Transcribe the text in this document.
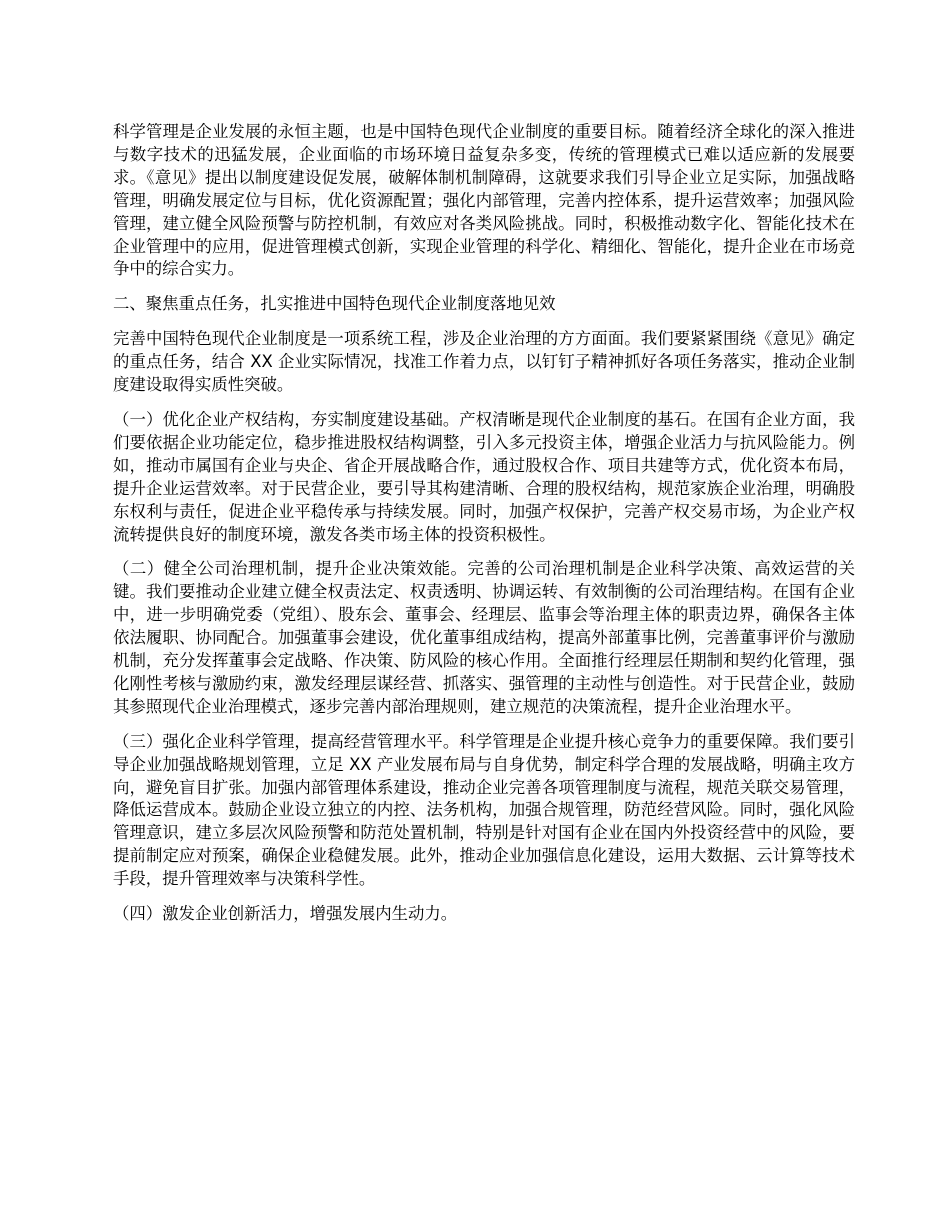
科学管理是企业发展的永恒主题，也是中国特色现代企业制度的重要目标。随着经济全球化的深入推进与数字技术的迅猛发展，企业面临的市场环境日益复杂多变，传统的管理模式已难以适应新的发展要求。《意见》提出以制度建设促发展，破解体制机制障碍，这就要求我们引导企业立足实际，加强战略管理，明确发展定位与目标，优化资源配置；强化内部管理，完善内控体系，提升运营效率；加强风险管理，建立健全风险预警与防控机制，有效应对各类风险挑战。同时，积极推动数字化、智能化技术在企业管理中的应用，促进管理模式创新，实现企业管理的科学化、精细化、智能化，提升企业在市场竞争中的综合实力。

二、聚焦重点任务，扎实推进中国特色现代企业制度落地见效

完善中国特色现代企业制度是一项系统工程，涉及企业治理的方方面面。我们要紧紧围绕《意见》确定的重点任务，结合 XX 企业实际情况，找准工作着力点，以钉钉子精神抓好各项任务落实，推动企业制度建设取得实质性突破。

（一）优化企业产权结构，夯实制度建设基础。产权清晰是现代企业制度的基石。在国有企业方面，我们要依据企业功能定位，稳步推进股权结构调整，引入多元投资主体，增强企业活力与抗风险能力。例如，推动市属国有企业与央企、省企开展战略合作，通过股权合作、项目共建等方式，优化资本布局，提升企业运营效率。对于民营企业，要引导其构建清晰、合理的股权结构，规范家族企业治理，明确股东权利与责任，促进企业平稳传承与持续发展。同时，加强产权保护，完善产权交易市场，为企业产权流转提供良好的制度环境，激发各类市场主体的投资积极性。

（二）健全公司治理机制，提升企业决策效能。完善的公司治理机制是企业科学决策、高效运营的关键。我们要推动企业建立健全权责法定、权责透明、协调运转、有效制衡的公司治理结构。在国有企业中，进一步明确党委（党组）、股东会、董事会、经理层、监事会等治理主体的职责边界，确保各主体依法履职、协同配合。加强董事会建设，优化董事组成结构，提高外部董事比例，完善董事评价与激励机制，充分发挥董事会定战略、作决策、防风险的核心作用。全面推行经理层任期制和契约化管理，强化刚性考核与激励约束，激发经理层谋经营、抓落实、强管理的主动性与创造性。对于民营企业，鼓励其参照现代企业治理模式，逐步完善内部治理规则，建立规范的决策流程，提升企业治理水平。

（三）强化企业科学管理，提高经营管理水平。科学管理是企业提升核心竞争力的重要保障。我们要引导企业加强战略规划管理，立足 XX 产业发展布局与自身优势，制定科学合理的发展战略，明确主攻方向，避免盲目扩张。加强内部管理体系建设，推动企业完善各项管理制度与流程，规范关联交易管理，降低运营成本。鼓励企业设立独立的内控、法务机构，加强合规管理，防范经营风险。同时，强化风险管理意识，建立多层次风险预警和防范处置机制，特别是针对国有企业在国内外投资经营中的风险，要提前制定应对预案，确保企业稳健发展。此外，推动企业加强信息化建设，运用大数据、云计算等技术手段，提升管理效率与决策科学性。

（四）激发企业创新活力，增强发展内生动力。
